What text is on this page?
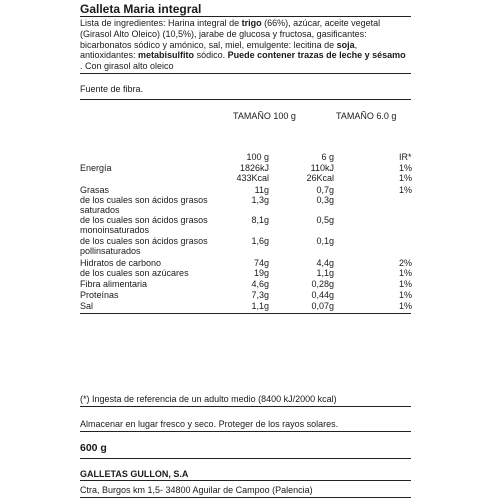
Galleta Maria integral

Lista de ingredientes: Harina integral de trigo (66%), azúcar, aceite vegetal

(Girasol Alto Oleico) (10,5%), jarabe de glucosa y fructosa, gasificantes:

bicarbonatos sódico y amónico, sal, miel, emulgente: lecitina de soja,

antioxidantes: metabisulfito sódico. Puede contener trazas de leche y sésamo

. Con girasol alto oleico

Fuente de fibra.
TAMAÑO 100 g	TAMAÑO 6.0 g
100 g	6 g	IR*
Energía	1826kJ	110kJ	1%
433Kcal	26Kcal	1%
Grasas	11g	0,7g	1%
de los cuales son ácidos grasos	1,3g	0,3g
saturados
de los cuales son ácidos grasos	8,1g	0,5g
monoinsaturados
de los cuales son ácidos grasos	1,6g	0,1g
pollinsaturados
Hidratos de carbono	74g	4,4g	2%
de los cuales son azúcares	19g	1,1g	1%
Fibra alimentaria	4,6g	0,28g	1%
Proteínas	7,3g	0,44g	1%
Sal	1,1g	0,07g	1%
(*) Ingesta de referencia de un adulto medio (8400 kJ/2000 kcal)
Almacenar en lugar fresco y seco. Proteger de los rayos solares.
600 g
GALLETAS GULLON, S.A
Ctra, Burgos km 1,5- 34800 Aguilar de Campoo (Palencia)
